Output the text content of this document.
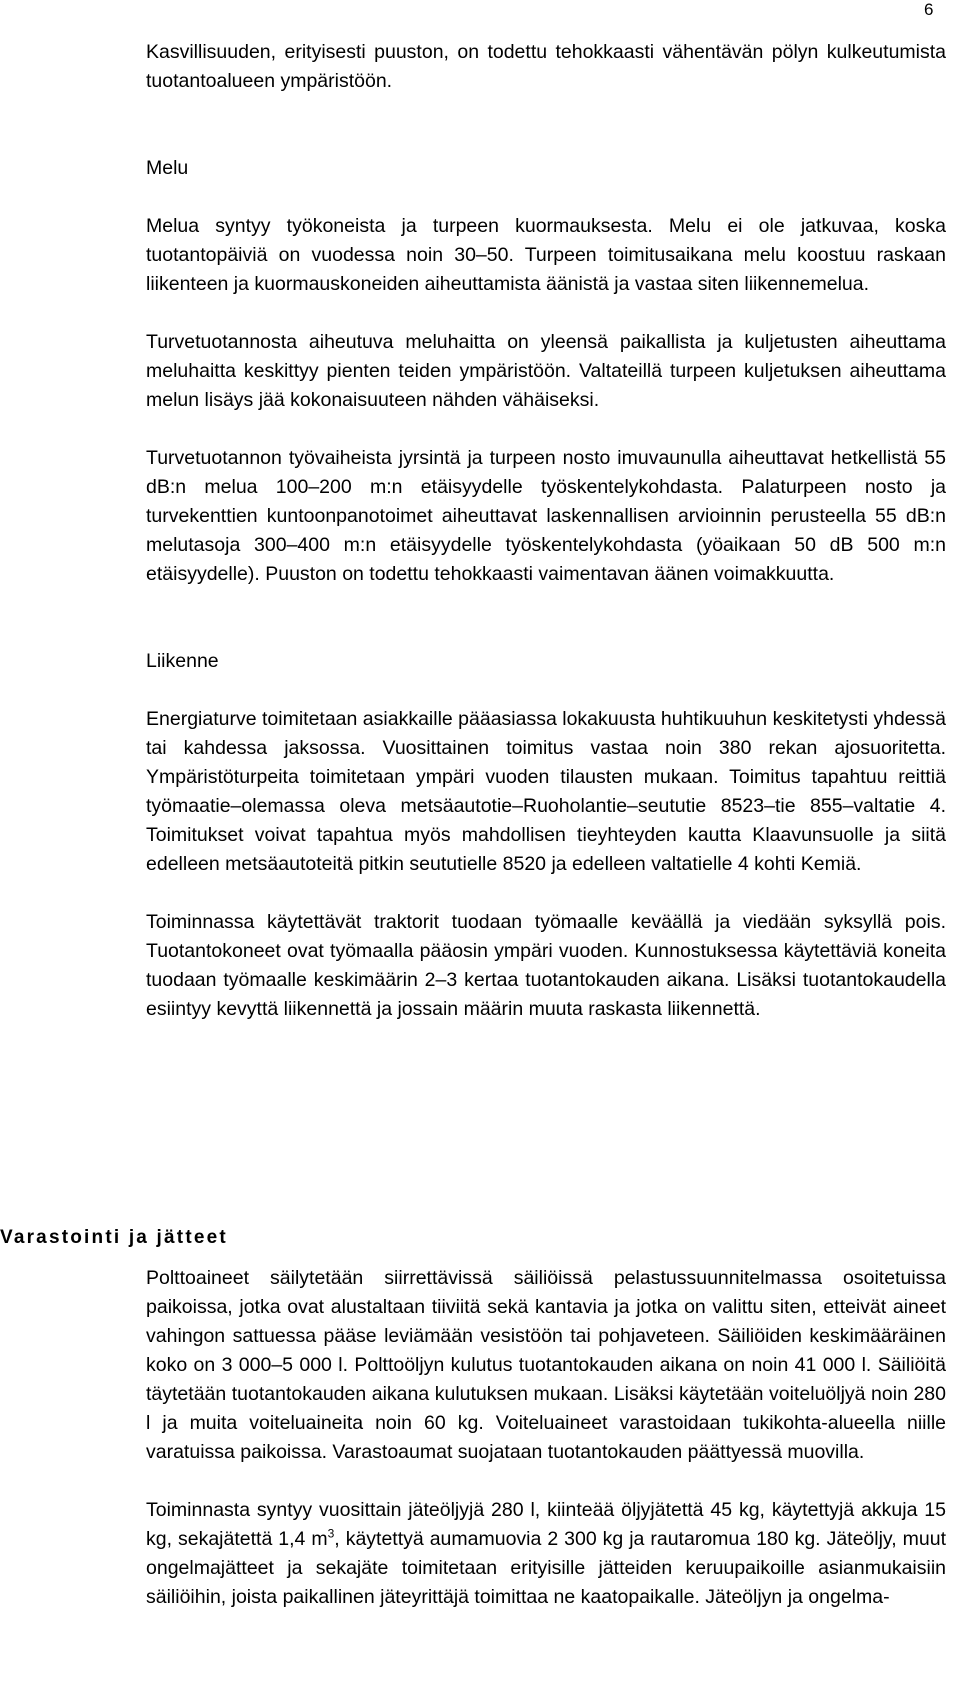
6

Kasvillisuuden, erityisesti puuston, on todettu tehokkaasti vähentävän pölyn kulkeutumista tuotantoalueen ympäristöön.

Melu

Melua syntyy työkoneista ja turpeen kuormauksesta. Melu ei ole jatkuvaa, koska tuotantopäiviä on vuodessa noin 30–50. Turpeen toimitusaikana melu koostuu raskaan liikenteen ja kuormauskoneiden aiheuttamista äänistä ja vastaa siten liikennemelua.

Turvetuotannosta aiheutuva meluhaitta on yleensä paikallista ja kuljetusten aiheuttama meluhaitta keskittyy pienten teiden ympäristöön. Valtateillä turpeen kuljetuksen aiheuttama melun lisäys jää kokonaisuuteen nähden vähäiseksi.

Turvetuotannon työvaiheista jyrsintä ja turpeen nosto imuvaunulla aiheuttavat hetkellistä 55 dB:n melua 100–200 m:n etäisyydelle työskentelykohdasta. Palaturpeen nosto ja turvekenttien kuntoonpanotoimet aiheuttavat laskennallisen arvioinnin perusteella 55 dB:n melutasoja 300–400 m:n etäisyydelle työskentelykohdasta (yöaikaan 50 dB 500 m:n etäisyydelle). Puuston on todettu tehokkaasti vaimentavan äänen voimakkuutta.

Liikenne

Energiaturve toimitetaan asiakkaille pääasiassa lokakuusta huhtikuuhun keskitetysti yhdessä tai kahdessa jaksossa. Vuosittainen toimitus vastaa noin 380 rekan ajosuoritetta. Ympäristöturpeita toimitetaan ympäri vuoden tilausten mukaan. Toimitus tapahtuu reittiä työmaatie–olemassa oleva metsäautotie–Ruoholantie–seututie 8523–tie 855–valtatie 4. Toimitukset voivat tapahtua myös mahdollisen tieyhteyden kautta Klaavunsuolle ja siitä edelleen metsäautoteitä pitkin seututielle 8520 ja edelleen valtatielle 4 kohti Kemiä.

Toiminnassa käytettävät traktorit tuodaan työmaalle keväällä ja viedään syksyllä pois. Tuotantokoneet ovat työmaalla pääosin ympäri vuoden. Kunnostuksessa käytettäviä koneita tuodaan työmaalle keskimäärin 2–3 kertaa tuotantokauden aikana. Lisäksi tuotantokaudella esiintyy kevyttä liikennettä ja jossain määrin muuta raskasta liikennettä.

Varastointi ja jätteet

Polttoaineet säilytetään siirrettävissä säiliöissä pelastussuunnitelmassa osoitetuissa paikoissa, jotka ovat alustaltaan tiiviitä sekä kantavia ja jotka on valittu siten, etteivät aineet vahingon sattuessa pääse leviämään vesistöön tai pohjaveteen. Säiliöiden keskimääräinen koko on 3 000–5 000 l. Polttoöljyn kulutus tuotantokauden aikana on noin 41 000 l. Säiliöitä täytetään tuotantokauden aikana kulutuksen mukaan. Lisäksi käytetään voiteluöljyä noin 280 l ja muita voiteluaineita noin 60 kg. Voiteluaineet varastoidaan tukikohta-alueella niille varatuissa paikoissa. Varastoaumat suojataan tuotantokauden päättyessä muovilla.

Toiminnasta syntyy vuosittain jäteöljyjä 280 l, kiinteää öljyjätettä 45 kg, käytettyjä akkuja 15 kg, sekajätettä 1,4 $m^3$, käytettyä aumamuovia 2 300 kg ja rautaromua 180 kg. Jäteöljy, muut ongelmajätteet ja sekajäte toimitetaan erityisille jätteiden keruupaikoille asianmukaisiin säiliöihin, joista paikallinen jäteyrittäjä toimittaa ne kaatopaikalle. Jäteöljyn ja ongelma-
